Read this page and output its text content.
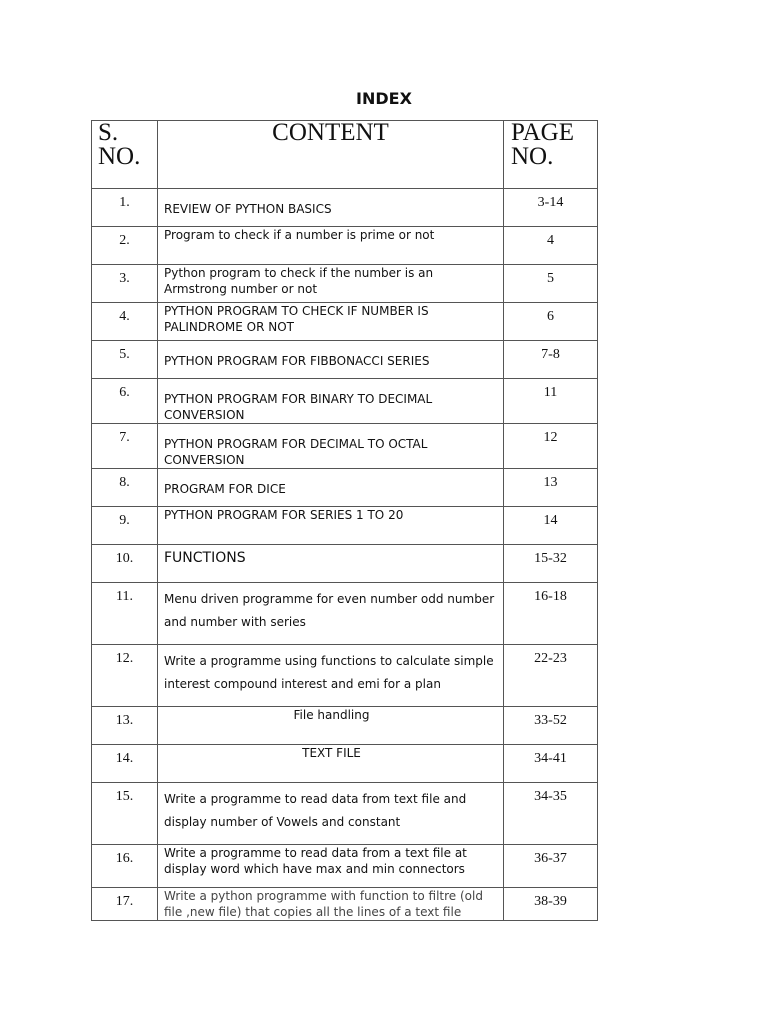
INDEX
S. NO.	CONTENT	PAGE NO.

1.	REVIEW OF PYTHON BASICS	3-14
2.	Program to check if a number is prime or not	4
3.	Python program to check if the number is an Armstrong number or not	5
4.	PYTHON PROGRAM TO CHECK IF NUMBER IS PALINDROME OR NOT	6
5.	PYTHON PROGRAM FOR FIBBONACCI SERIES	7-8
6.	PYTHON PROGRAM FOR BINARY TO DECIMAL CONVERSION	11
7.	PYTHON PROGRAM FOR DECIMAL TO OCTAL CONVERSION	12
8.	PROGRAM FOR DICE	13
9.	PYTHON PROGRAM FOR SERIES 1 TO 20	14
10.	FUNCTIONS	15-32
11.	Menu driven programme for even number odd number and number with series	16-18
12.	Write a programme using functions to calculate simple interest compound interest and emi for a plan	22-23
13.	File handling	33-52
14.	TEXT FILE	34-41
15.	Write a programme to read data from text file and display number of Vowels and constant	34-35
16.	Write a programme to read data from a text file at display word which have max and min connectors	36-37
17.	Write a python programme with function to filtre (old file ,new file) that copies all the lines of a text file	38-39
